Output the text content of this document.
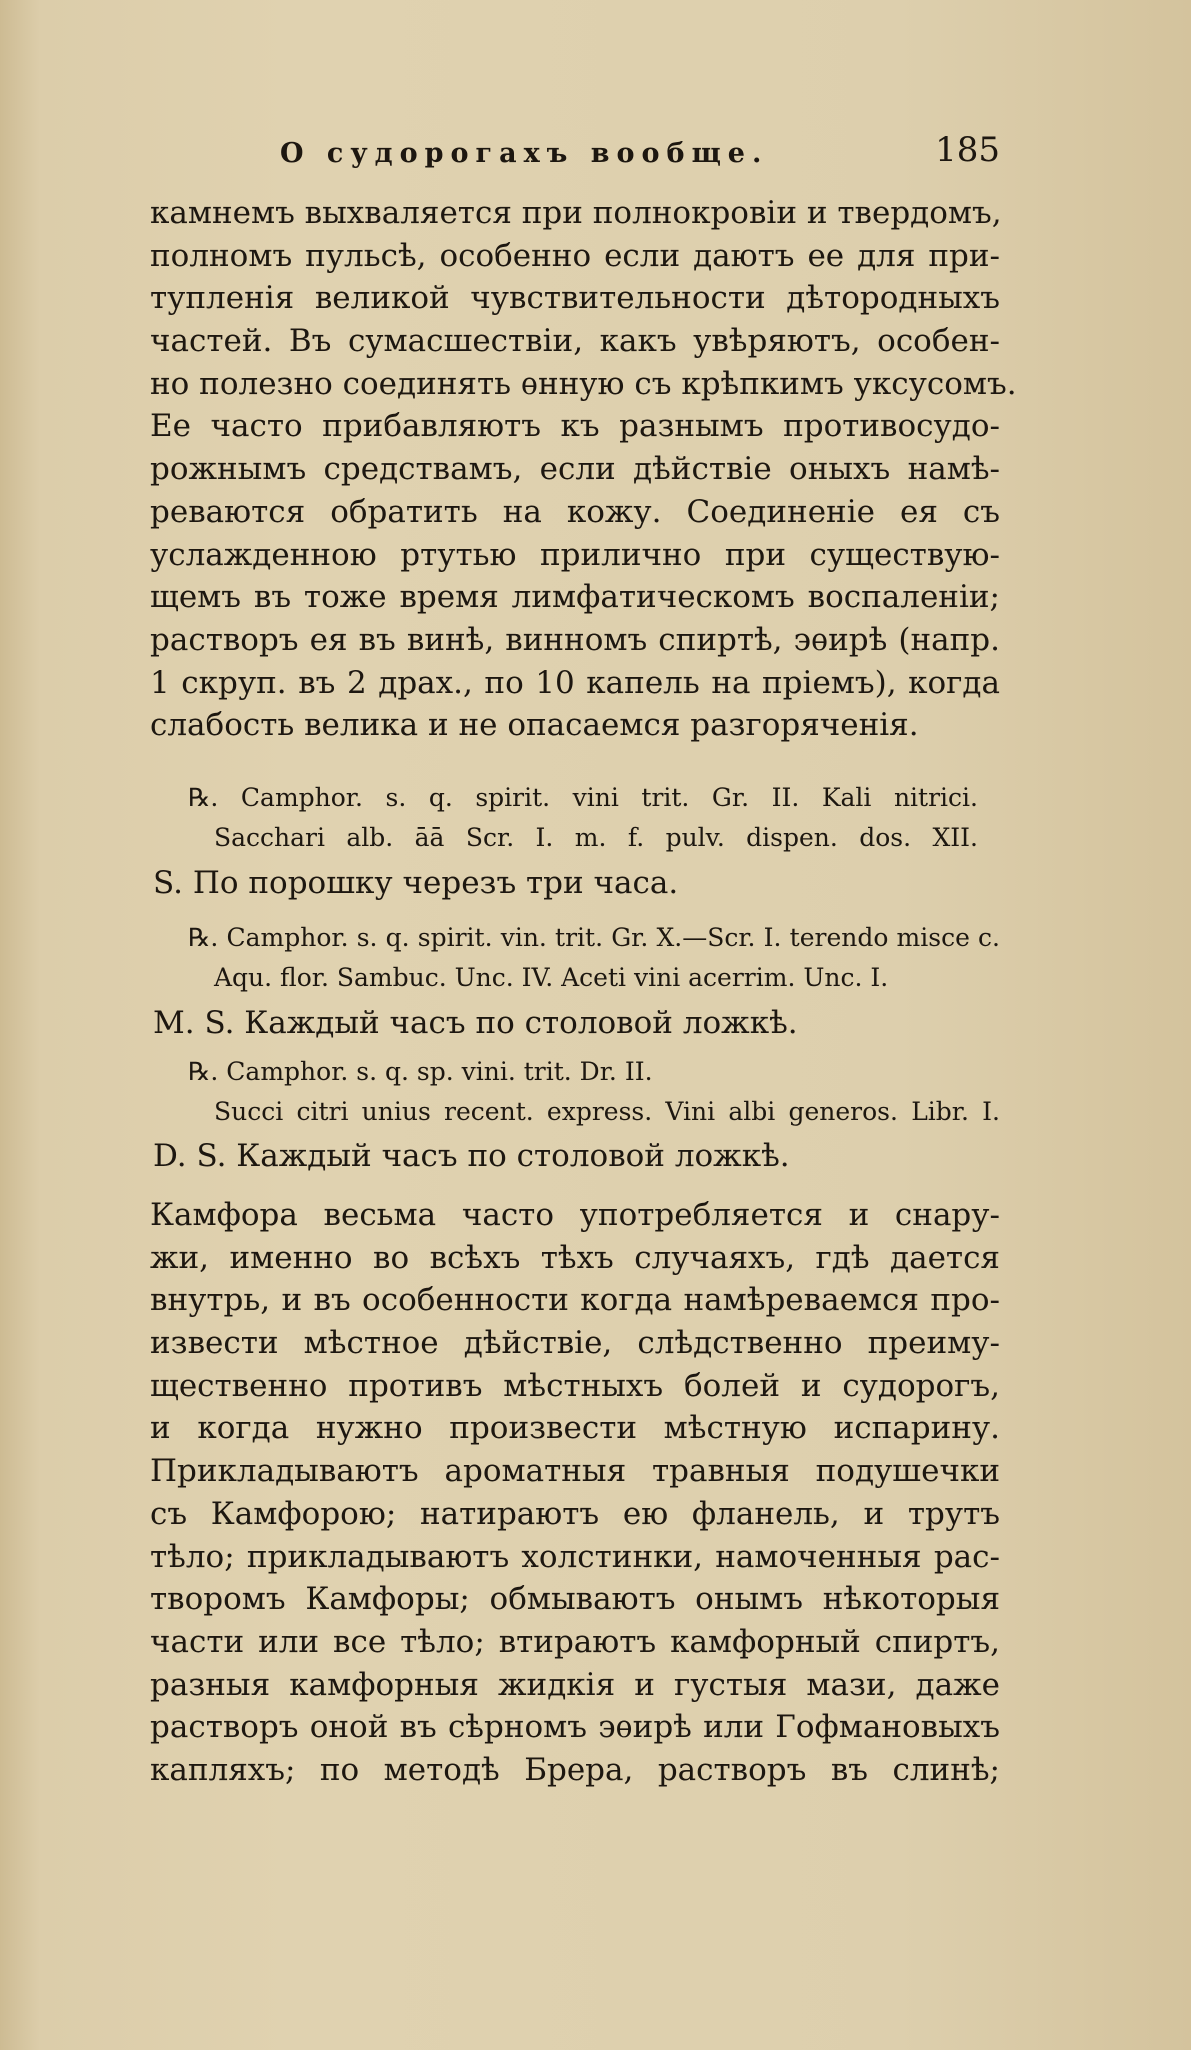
О судорогахъ вообще.	185
камнемъ выхваляется при полнокровіи и твердомъ,
полномъ пульсѣ, особенно если даютъ ее для при-
тупленія великой чувствительности дѣтородныхъ
частей. Въ сумасшествіи, какъ увѣряютъ, особен-
но полезно соединять ѳнную съ крѣпкимъ уксусомъ.
Ее часто прибавляютъ къ разнымъ противосудо-
рожнымъ средствамъ, если дѣйствіе оныхъ намѣ-
реваются обратить на кожу. Соединеніе ея съ
услажденною ртутью прилично при существую-
щемъ въ тоже время лимфатическомъ воспаленіи;
растворъ ея въ винѣ, винномъ спиртѣ, эѳирѣ (напр.
1 скруп. въ 2 драх., по 10 капель на пріемъ), когда
слабость велика и не опасаемся разгоряченія.
℞. Camphor. s. q. spirit. vini trit. Gr. II. Kali nitrici.
Sacchari alb. āā Scr. I. m. f. pulv. dispen. dos. XII.
S. По порошку черезъ три часа.
℞. Camphor. s. q. spirit. vin. trit. Gr. X.—Scr. I. terendo misce c.
Aqu. flor. Sambuc. Unc. IV. Aceti vini acerrim. Unc. I.
M. S. Каждый часъ по столовой ложкѣ.
℞. Camphor. s. q. sp. vini. trit. Dr. II.
Succi citri unius recent. express. Vini albi generos. Libr. I.
D. S. Каждый часъ по столовой ложкѣ.
Камфора весьма часто употребляется и снару-
жи, именно во всѣхъ тѣхъ случаяхъ, гдѣ дается
внутрь, и въ особенности когда намѣреваемся про-
извести мѣстное дѣйствіе, слѣдственно преиму-
щественно противъ мѣстныхъ болей и судорогъ,
и когда нужно произвести мѣстную испарину.
Прикладываютъ ароматныя травныя подушечки
съ Камфорою; натираютъ ею фланель, и трутъ
тѣло; прикладываютъ холстинки, намоченныя рас-
творомъ Камфоры; обмываютъ онымъ нѣкоторыя
части или все тѣло; втираютъ камфорный спиртъ,
разныя камфорныя жидкія и густыя мази, даже
растворъ оной въ сѣрномъ эѳирѣ или Гофмановыхъ
капляхъ; по методѣ Брера, растворъ въ слинѣ;
